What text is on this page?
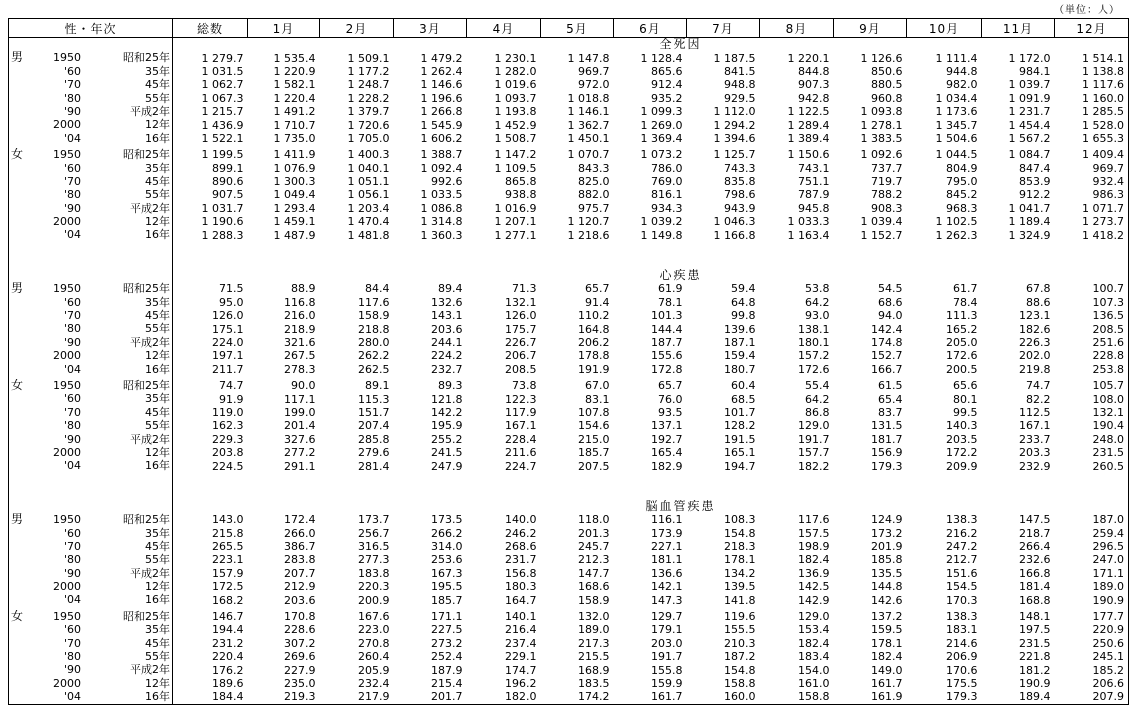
（単位：人）
性・年次	総数	1月	2月	3月	4月	5月	6月	7月	8月	9月	10月	11月	12月
	全死因												

男 1950 昭和25年	1 279.7	1 535.4	1 509.1	1 479.2	1 230.1	1 147.8	1 128.4	1 187.5	1 220.1	1 126.6	1 111.4	1 172.0	1 514.1

'60 35年	1 031.5	1 220.9	1 177.2	1 262.4	1 282.0	969.7	865.6	841.5	844.8	850.6	944.8	984.1	1 138.8

'70 45年	1 062.7	1 582.1	1 248.7	1 146.6	1 019.6	972.0	912.4	948.8	907.3	880.5	982.0	1 039.7	1 117.6

'80 55年	1 067.3	1 220.4	1 228.2	1 196.6	1 093.7	1 018.8	935.2	929.5	942.8	960.8	1 034.4	1 091.9	1 160.0

'90 平成2年	1 215.7	1 491.2	1 379.7	1 266.8	1 193.8	1 146.1	1 099.3	1 112.0	1 122.5	1 093.8	1 173.6	1 231.7	1 285.5

2000 12年	1 436.9	1 710.7	1 720.6	1 545.9	1 452.9	1 362.7	1 269.0	1 294.2	1 289.4	1 278.1	1 345.7	1 454.4	1 528.0

'04 16年	1 522.1	1 735.0	1 705.0	1 606.2	1 508.7	1 450.1	1 369.4	1 394.6	1 389.4	1 383.5	1 504.6	1 567.2	1 655.3

女 1950 昭和25年	1 199.5	1 411.9	1 400.3	1 388.7	1 147.2	1 070.7	1 073.2	1 125.7	1 150.6	1 092.6	1 044.5	1 084.7	1 409.4

'60 35年	899.1	1 076.9	1 040.1	1 092.4	1 109.5	843.3	786.0	743.3	743.1	737.7	804.9	847.4	969.7

'70 45年	890.6	1 300.3	1 051.1	992.6	865.8	825.0	769.0	835.8	751.1	719.7	795.0	853.9	932.4

'80 55年	907.5	1 049.4	1 056.1	1 033.5	938.8	882.0	816.1	798.6	787.9	788.2	845.2	912.2	986.3

'90 平成2年	1 031.7	1 293.4	1 203.4	1 086.8	1 016.9	975.7	934.3	943.9	945.8	908.3	968.3	1 041.7	1 071.7

2000 12年	1 190.6	1 459.1	1 470.4	1 314.8	1 207.1	1 120.7	1 039.2	1 046.3	1 033.3	1 039.4	1 102.5	1 189.4	1 273.7

'04 16年	1 288.3	1 487.9	1 481.8	1 360.3	1 277.1	1 218.6	1 149.8	1 166.8	1 163.4	1 152.7	1 262.3	1 324.9	1 418.2

	心疾患												

男 1950 昭和25年	71.5	88.9	84.4	89.4	71.3	65.7	61.9	59.4	53.8	54.5	61.7	67.8	100.7

'60 35年	95.0	116.8	117.6	132.6	132.1	91.4	78.1	64.8	64.2	68.6	78.4	88.6	107.3

'70 45年	126.0	216.0	158.9	143.1	126.0	110.2	101.3	99.8	93.0	94.0	111.3	123.1	136.5

'80 55年	175.1	218.9	218.8	203.6	175.7	164.8	144.4	139.6	138.1	142.4	165.2	182.6	208.5

'90 平成2年	224.0	321.6	280.0	244.1	226.7	206.2	187.7	187.1	180.1	174.8	205.0	226.3	251.6

2000 12年	197.1	267.5	262.2	224.2	206.7	178.8	155.6	159.4	157.2	152.7	172.6	202.0	228.8

'04 16年	211.7	278.3	262.5	232.7	208.5	191.9	172.8	180.7	172.6	166.7	200.5	219.8	253.8

女 1950 昭和25年	74.7	90.0	89.1	89.3	73.8	67.0	65.7	60.4	55.4	61.5	65.6	74.7	105.7

'60 35年	91.9	117.1	115.3	121.8	122.3	83.1	76.0	68.5	64.2	65.4	80.1	82.2	108.0

'70 45年	119.0	199.0	151.7	142.2	117.9	107.8	93.5	101.7	86.8	83.7	99.5	112.5	132.1

'80 55年	162.3	201.4	207.4	195.9	167.1	154.6	137.1	128.2	129.0	131.5	140.3	167.1	190.4

'90 平成2年	229.3	327.6	285.8	255.2	228.4	215.0	192.7	191.5	191.7	181.7	203.5	233.7	248.0

2000 12年	203.8	277.2	279.6	241.5	211.6	185.7	165.4	165.1	157.7	156.9	172.2	203.3	231.5

'04 16年	224.5	291.1	281.4	247.9	224.7	207.5	182.9	194.7	182.2	179.3	209.9	232.9	260.5

	脳血管疾患												

男 1950 昭和25年	143.0	172.4	173.7	173.5	140.0	118.0	116.1	108.3	117.6	124.9	138.3	147.5	187.0

'60 35年	215.8	266.0	256.7	266.2	246.2	201.3	173.9	154.8	157.5	173.2	216.2	218.7	259.4

'70 45年	265.5	386.7	316.5	314.0	268.6	245.7	227.1	218.3	198.9	201.9	247.2	266.4	296.5

'80 55年	223.1	283.8	277.3	253.6	231.7	212.3	181.1	178.1	182.4	185.8	212.7	232.6	247.0

'90 平成2年	157.9	207.7	183.8	167.3	156.8	147.7	136.6	134.2	136.9	135.5	151.6	166.8	171.1

2000 12年	172.5	212.9	220.3	195.5	180.3	168.6	142.1	139.5	142.5	144.8	154.5	181.4	189.0

'04 16年	168.2	203.6	200.9	185.7	164.7	158.9	147.3	141.8	142.9	142.6	170.3	168.8	190.9

女 1950 昭和25年	146.7	170.8	167.6	171.1	140.1	132.0	129.7	119.6	129.0	137.2	138.3	148.1	177.7

'60 35年	194.4	228.6	223.0	227.5	216.4	189.0	179.1	155.5	153.4	159.5	183.1	197.5	220.9

'70 45年	231.2	307.2	270.8	273.2	237.4	217.3	203.0	210.3	182.4	178.1	214.6	231.5	250.6

'80 55年	220.4	269.6	260.4	252.4	229.1	215.5	191.7	187.2	183.4	182.4	206.9	221.8	245.1

'90 平成2年	176.2	227.9	205.9	187.9	174.7	168.9	155.8	154.8	154.0	149.0	170.6	181.2	185.2

2000 12年	189.6	235.0	232.4	215.4	196.2	183.5	159.9	158.8	161.0	161.7	175.5	190.9	206.6

'04 16年	184.4	219.3	217.9	201.7	182.0	174.2	161.7	160.0	158.8	161.9	179.3	189.4	207.9
